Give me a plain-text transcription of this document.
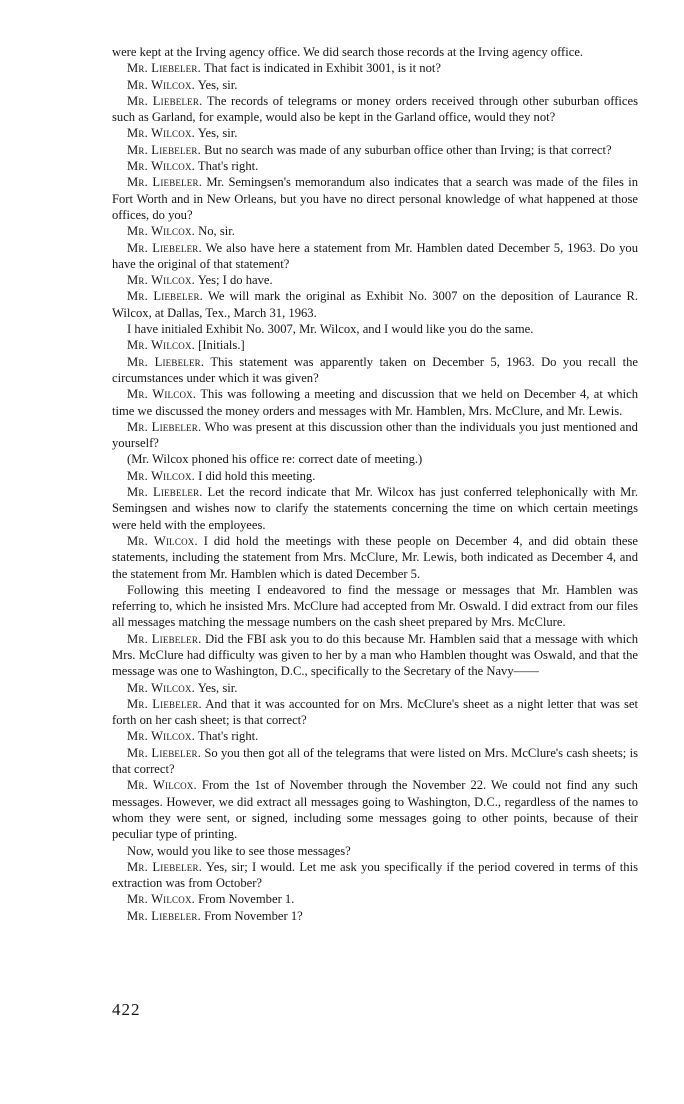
were kept at the Irving agency office. We did search those records at the Irving agency office.

Mr. Liebeler. That fact is indicated in Exhibit 3001, is it not?

Mr. Wilcox. Yes, sir.

Mr. Liebeler. The records of telegrams or money orders received through other suburban offices such as Garland, for example, would also be kept in the Garland office, would they not?

Mr. Wilcox. Yes, sir.

Mr. Liebeler. But no search was made of any suburban office other than Irving; is that correct?

Mr. Wilcox. That's right.

Mr. Liebeler. Mr. Semingsen's memorandum also indicates that a search was made of the files in Fort Worth and in New Orleans, but you have no direct personal knowledge of what happened at those offices, do you?

Mr. Wilcox. No, sir.

Mr. Liebeler. We also have here a statement from Mr. Hamblen dated December 5, 1963. Do you have the original of that statement?

Mr. Wilcox. Yes; I do have.

Mr. Liebeler. We will mark the original as Exhibit No. 3007 on the deposition of Laurance R. Wilcox, at Dallas, Tex., March 31, 1963.

I have initialed Exhibit No. 3007, Mr. Wilcox, and I would like you do the same.

Mr. Wilcox. [Initials.]

Mr. Liebeler. This statement was apparently taken on December 5, 1963. Do you recall the circumstances under which it was given?

Mr. Wilcox. This was following a meeting and discussion that we held on December 4, at which time we discussed the money orders and messages with Mr. Hamblen, Mrs. McClure, and Mr. Lewis.

Mr. Liebeler. Who was present at this discussion other than the individuals you just mentioned and yourself?

(Mr. Wilcox phoned his office re: correct date of meeting.)

Mr. Wilcox. I did hold this meeting.

Mr. Liebeler. Let the record indicate that Mr. Wilcox has just conferred telephonically with Mr. Semingsen and wishes now to clarify the statements concerning the time on which certain meetings were held with the employees.

Mr. Wilcox. I did hold the meetings with these people on December 4, and did obtain these statements, including the statement from Mrs. McClure, Mr. Lewis, both indicated as December 4, and the statement from Mr. Hamblen which is dated December 5.

Following this meeting I endeavored to find the message or messages that Mr. Hamblen was referring to, which he insisted Mrs. McClure had accepted from Mr. Oswald. I did extract from our files all messages matching the message numbers on the cash sheet prepared by Mrs. McClure.

Mr. Liebeler. Did the FBI ask you to do this because Mr. Hamblen said that a message with which Mrs. McClure had difficulty was given to her by a man who Hamblen thought was Oswald, and that the message was one to Washington, D.C., specifically to the Secretary of the Navy——

Mr. Wilcox. Yes, sir.

Mr. Liebeler. And that it was accounted for on Mrs. McClure's sheet as a night letter that was set forth on her cash sheet; is that correct?

Mr. Wilcox. That's right.

Mr. Liebeler. So you then got all of the telegrams that were listed on Mrs. McClure's cash sheets; is that correct?

Mr. Wilcox. From the 1st of November through the November 22. We could not find any such messages. However, we did extract all messages going to Washington, D.C., regardless of the names to whom they were sent, or signed, including some messages going to other points, because of their peculiar type of printing.

Now, would you like to see those messages?

Mr. Liebeler. Yes, sir; I would. Let me ask you specifically if the period covered in terms of this extraction was from October?

Mr. Wilcox. From November 1.

Mr. Liebeler. From November 1?

422
